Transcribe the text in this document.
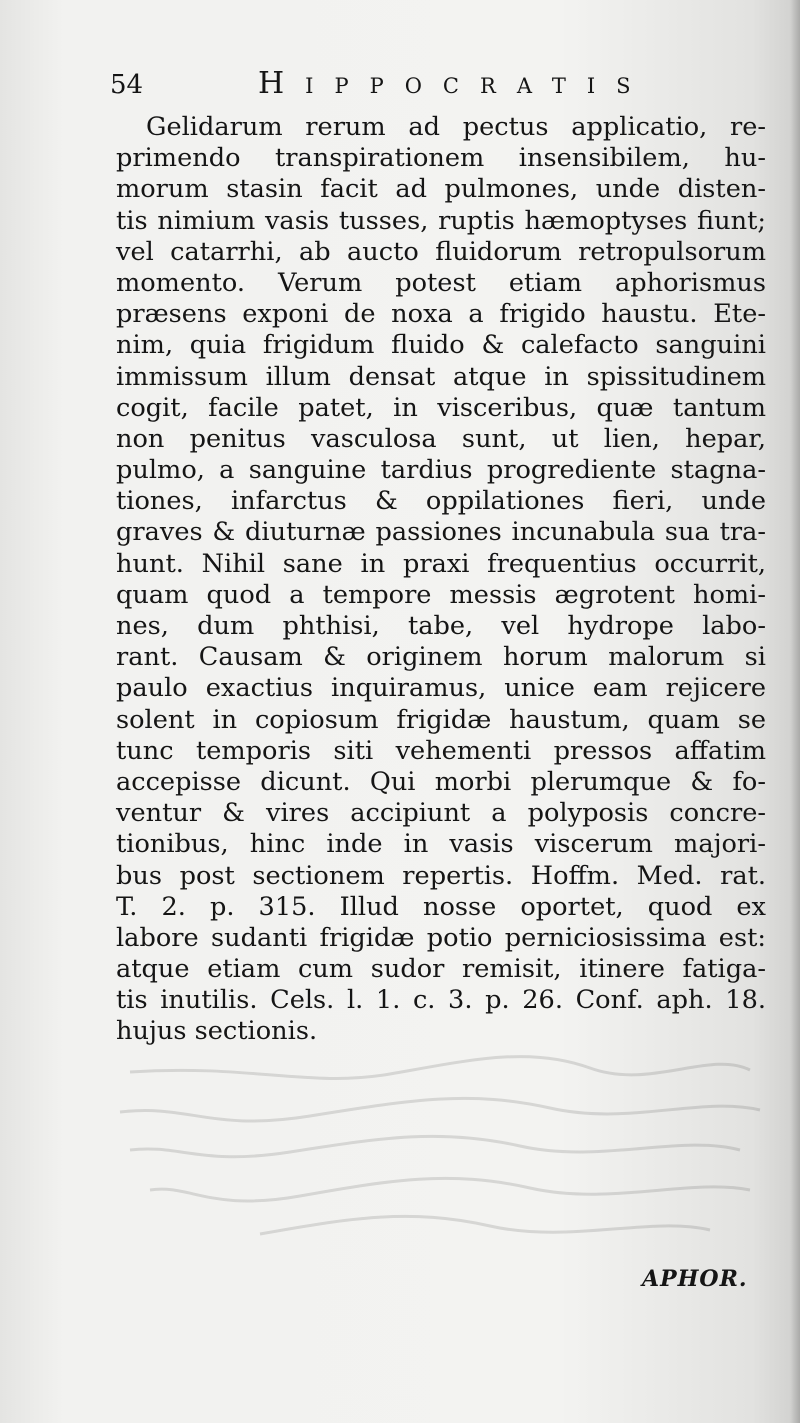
54	Hippocratis
Gelidarum rerum ad pectus applicatio, re-
primendo transpirationem insensibilem, hu-
morum stasin facit ad pulmones, unde disten-
tis nimium vasis tusses, ruptis hæmoptyses fiunt;
vel catarrhi, ab aucto fluidorum retropulsorum
momento. Verum potest etiam aphorismus
præsens exponi de noxa a frigido haustu. Ete-
nim, quia frigidum fluido & calefacto sanguini
immissum illum densat atque in spissitudinem
cogit, facile patet, in visceribus, quæ tantum
non penitus vasculosa sunt, ut lien, hepar,
pulmo, a sanguine tardius progrediente stagna-
tiones, infarctus & oppilationes fieri, unde
graves & diuturnæ passiones incunabula sua tra-
hunt. Nihil sane in praxi frequentius occurrit,
quam quod a tempore messis ægrotent homi-
nes, dum phthisi, tabe, vel hydrope labo-
rant. Causam & originem horum malorum si
paulo exactius inquiramus, unice eam rejicere
solent in copiosum frigidæ haustum, quam se
tunc temporis siti vehementi pressos affatim
accepisse dicunt. Qui morbi plerumque & fo-
ventur & vires accipiunt a polyposis concre-
tionibus, hinc inde in vasis viscerum majori-
bus post sectionem repertis. Hoffm. Med. rat.
T. 2. p. 315. Illud nosse oportet, quod ex
labore sudanti frigidæ potio perniciosissima est:
atque etiam cum sudor remisit, itinere fatiga-
tis inutilis. Cels. l. 1. c. 3. p. 26. Conf. aph. 18.
hujus sectionis.
APHOR.
